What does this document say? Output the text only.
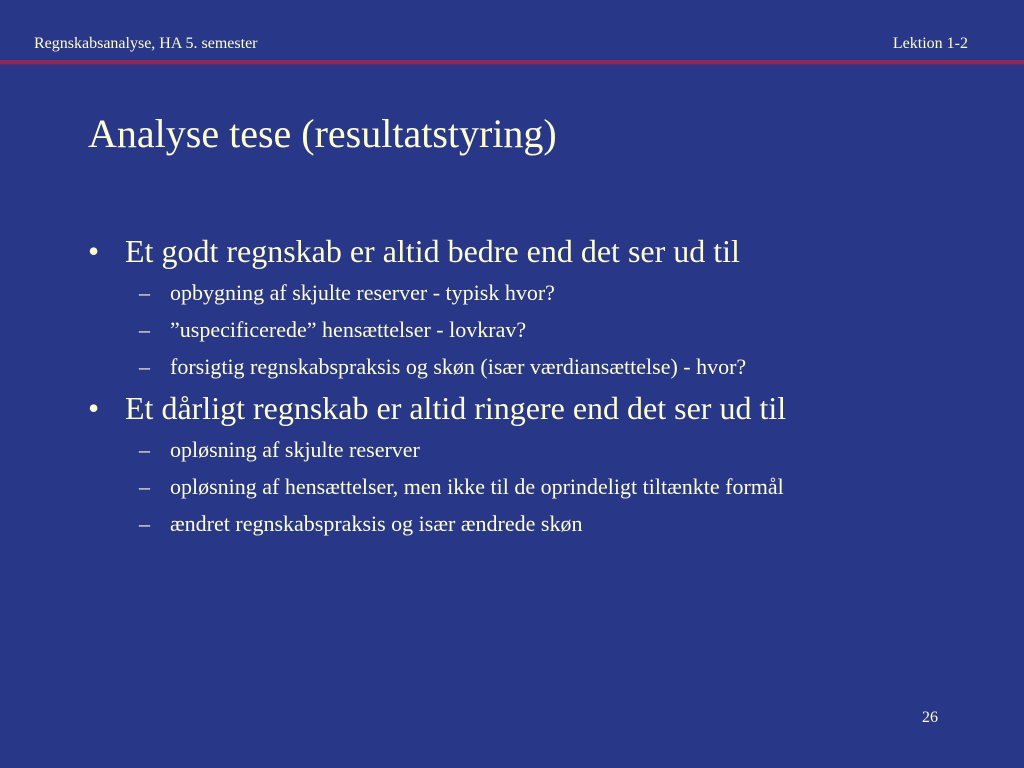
Regnskabsanalyse, HA 5. semester	Lektion 1-2
Analyse tese (resultatstyring)
• Et godt regnskab er altid bedre end det ser ud til
– opbygning af skjulte reserver - typisk hvor?
– ”uspecificerede” hensættelser - lovkrav?
– forsigtig regnskabspraksis og skøn (især værdiansættelse) - hvor?
• Et dårligt regnskab er altid ringere end det ser ud til
– opløsning af skjulte reserver
– opløsning af hensættelser, men ikke til de oprindeligt tiltænkte formål
– ændret regnskabspraksis og især ændrede skøn
26
